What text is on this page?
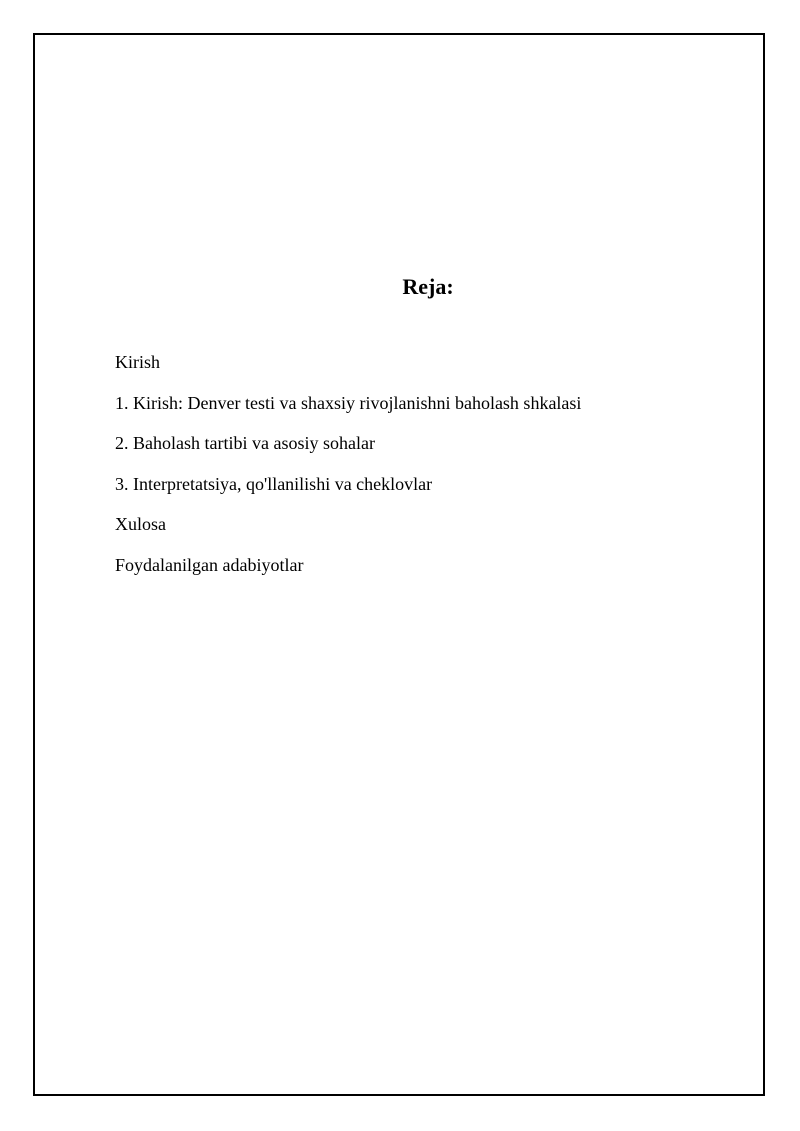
Reja:
Kirish
1. Kirish: Denver testi va shaxsiy rivojlanishni baholash shkalasi
2. Baholash tartibi va asosiy sohalar
3. Interpretatsiya, qo'llanilishi va cheklovlar
Xulosa
Foydalanilgan adabiyotlar
